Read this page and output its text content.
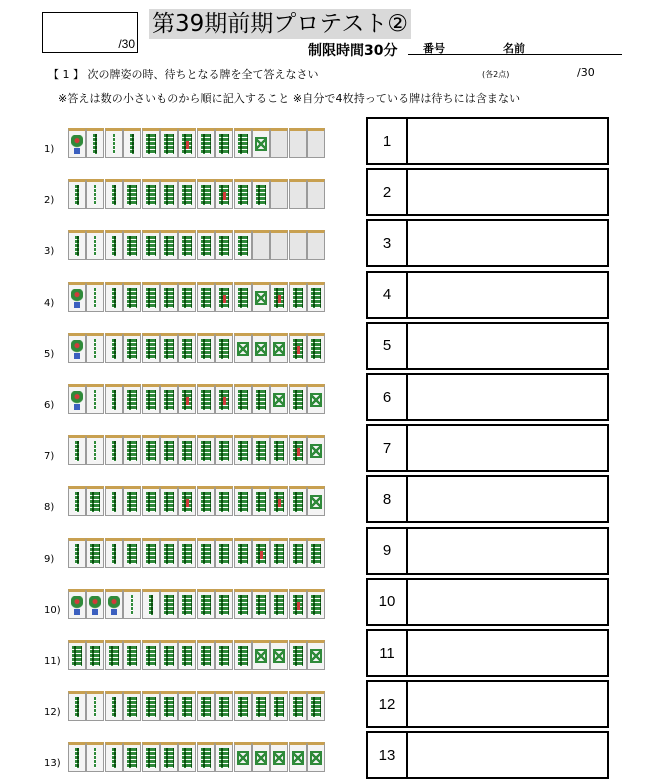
/30
第39期前期プロテスト②
制限時間30分 番号	名前
【 1 】 次の牌姿の時、待ちとなる牌を全て答えなさい	(各2点)	/30
※答えは数の小さいものから順に記入すること ※自分で4枚持っている牌は待ちには含まない
1)
2)
3)
4)
5)
6)
7)
8)
9)
10)
11)
12)
13)
1
2
3
4
5
6
7
8
9
10
11
12
13
